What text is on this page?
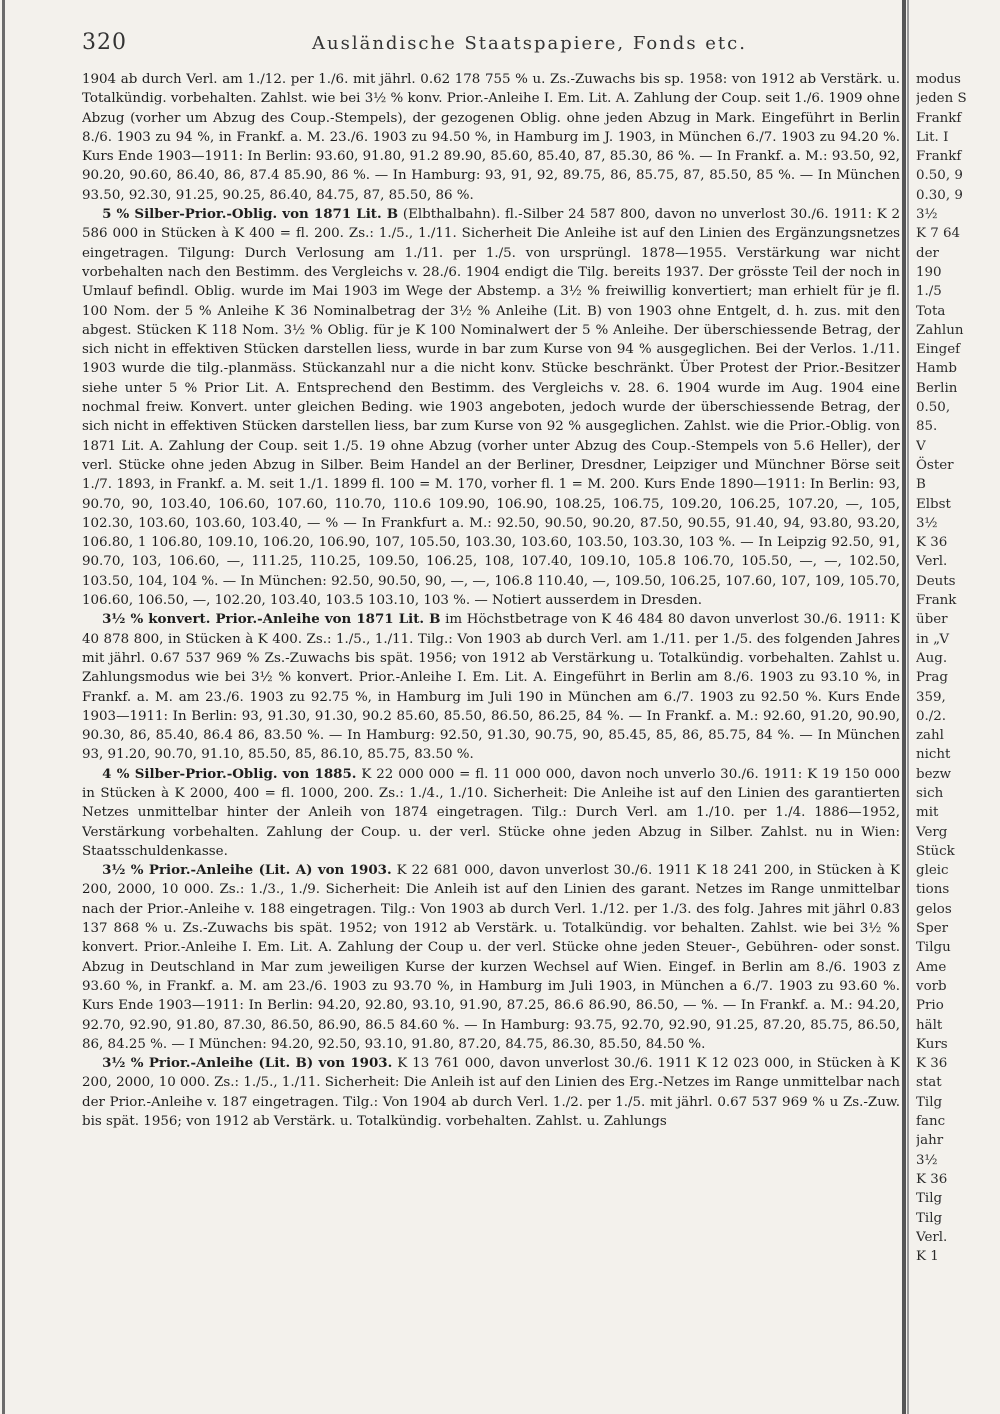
320	Ausländische Staatspapiere, Fonds etc.

1904 ab durch Verl. am 1./12. per 1./6. mit jährl. 0.62 178 755 % u. Zs.-Zuwachs bis sp. 1958: von 1912 ab Verstärk. u. Totalkündig. vorbehalten. Zahlst. wie bei 3½ % konv. Prior.-Anleihe I. Em. Lit. A. Zahlung der Coup. seit 1./6. 1909 ohne Abzug (vorher um Abzug des Coup.-Stempels), der gezogenen Oblig. ohne jeden Abzug in Mark. Eingeführt in Berlin 8./6. 1903 zu 94 %, in Frankf. a. M. 23./6. 1903 zu 94.50 %, in Hamburg im J. 1903, in München 6./7. 1903 zu 94.20 %. Kurs Ende 1903—1911: In Berlin: 93.60, 91.80, 91.2 89.90, 85.60, 85.40, 87, 85.30, 86 %. — In Frankf. a. M.: 93.50, 92, 90.20, 90.60, 86.40, 86, 87.4 85.90, 86 %. — In Hamburg: 93, 91, 92, 89.75, 86, 85.75, 87, 85.50, 85 %. — In München 93.50, 92.30, 91.25, 90.25, 86.40, 84.75, 87, 85.50, 86 %.

5 % Silber-Prior.-Oblig. von 1871 Lit. B (Elbthalbahn). fl.-Silber 24 587 800, davon no unverlost 30./6. 1911: K 2 586 000 in Stücken à K 400 = fl. 200. Zs.: 1./5., 1./11. Sicherheit Die Anleihe ist auf den Linien des Ergänzungsnetzes eingetragen. Tilgung: Durch Verlosung am 1./11. per 1./5. von ursprüngl. 1878—1955. Verstärkung war nicht vorbehalten nach den Bestimm. des Vergleichs v. 28./6. 1904 endigt die Tilg. bereits 1937. Der grösste Teil der noch in Umlauf befindl. Oblig. wurde im Mai 1903 im Wege der Abstemp. a 3½ % freiwillig konvertiert; man erhielt für je fl. 100 Nom. der 5 % Anleihe K 36 Nominalbetrag der 3½ % Anleihe (Lit. B) von 1903 ohne Entgelt, d. h. zus. mit den abgest. Stücken K 118 Nom. 3½ % Oblig. für je K 100 Nominalwert der 5 % Anleihe. Der überschiessende Betrag, der sich nicht in effektiven Stücken darstellen liess, wurde in bar zum Kurse von 94 % ausgeglichen. Bei der Verlos. 1./11. 1903 wurde die tilg.-planmäss. Stückanzahl nur a die nicht konv. Stücke beschränkt. Über Protest der Prior.-Besitzer siehe unter 5 % Prior Lit. A. Entsprechend den Bestimm. des Vergleichs v. 28. 6. 1904 wurde im Aug. 1904 eine nochmal freiw. Konvert. unter gleichen Beding. wie 1903 angeboten, jedoch wurde der überschiessende Betrag, der sich nicht in effektiven Stücken darstellen liess, bar zum Kurse von 92 % ausgeglichen. Zahlst. wie die Prior.-Oblig. von 1871 Lit. A. Zahlung der Coup. seit 1./5. 19 ohne Abzug (vorher unter Abzug des Coup.-Stempels von 5.6 Heller), der verl. Stücke ohne jeden Abzug in Silber. Beim Handel an der Berliner, Dresdner, Leipziger und Münchner Börse seit 1./7. 1893, in Frankf. a. M. seit 1./1. 1899 fl. 100 = M. 170, vorher fl. 1 = M. 200. Kurs Ende 1890—1911: In Berlin: 93, 90.70, 90, 103.40, 106.60, 107.60, 110.70, 110.6 109.90, 106.90, 108.25, 106.75, 109.20, 106.25, 107.20, —, 105, 102.30, 103.60, 103.60, 103.40, — % — In Frankfurt a. M.: 92.50, 90.50, 90.20, 87.50, 90.55, 91.40, 94, 93.80, 93.20, 106.80, 1 106.80, 109.10, 106.20, 106.90, 107, 105.50, 103.30, 103.60, 103.50, 103.30, 103 %. — In Leipzig 92.50, 91, 90.70, 103, 106.60, —, 111.25, 110.25, 109.50, 106.25, 108, 107.40, 109.10, 105.8 106.70, 105.50, —, —, 102.50, 103.50, 104, 104 %. — In München: 92.50, 90.50, 90, —, —, 106.8 110.40, —, 109.50, 106.25, 107.60, 107, 109, 105.70, 106.60, 106.50, —, 102.20, 103.40, 103.5 103.10, 103 %. — Notiert ausserdem in Dresden.

3½ % konvert. Prior.-Anleihe von 1871 Lit. B im Höchstbetrage von K 46 484 80 davon unverlost 30./6. 1911: K 40 878 800, in Stücken à K 400. Zs.: 1./5., 1./11. Tilg.: Von 1903 ab durch Verl. am 1./11. per 1./5. des folgenden Jahres mit jährl. 0.67 537 969 % Zs.-Zuwachs bis spät. 1956; von 1912 ab Verstärkung u. Totalkündig. vorbehalten. Zahlst u. Zahlungsmodus wie bei 3½ % konvert. Prior.-Anleihe I. Em. Lit. A. Eingeführt in Berlin am 8./6. 1903 zu 93.10 %, in Frankf. a. M. am 23./6. 1903 zu 92.75 %, in Hamburg im Juli 190 in München am 6./7. 1903 zu 92.50 %. Kurs Ende 1903—1911: In Berlin: 93, 91.30, 91.30, 90.2 85.60, 85.50, 86.50, 86.25, 84 %. — In Frankf. a. M.: 92.60, 91.20, 90.90, 90.30, 86, 85.40, 86.4 86, 83.50 %. — In Hamburg: 92.50, 91.30, 90.75, 90, 85.45, 85, 86, 85.75, 84 %. — In München 93, 91.20, 90.70, 91.10, 85.50, 85, 86.10, 85.75, 83.50 %.

4 % Silber-Prior.-Oblig. von 1885. K 22 000 000 = fl. 11 000 000, davon noch unverlo 30./6. 1911: K 19 150 000 in Stücken à K 2000, 400 = fl. 1000, 200. Zs.: 1./4., 1./10. Sicherheit: Die Anleihe ist auf den Linien des garantierten Netzes unmittelbar hinter der Anleih von 1874 eingetragen. Tilg.: Durch Verl. am 1./10. per 1./4. 1886—1952, Verstärkung vorbehalten. Zahlung der Coup. u. der verl. Stücke ohne jeden Abzug in Silber. Zahlst. nu in Wien: Staatsschuldenkasse.

3½ % Prior.-Anleihe (Lit. A) von 1903. K 22 681 000, davon unverlost 30./6. 1911 K 18 241 200, in Stücken à K 200, 2000, 10 000. Zs.: 1./3., 1./9. Sicherheit: Die Anleih ist auf den Linien des garant. Netzes im Range unmittelbar nach der Prior.-Anleihe v. 188 eingetragen. Tilg.: Von 1903 ab durch Verl. 1./12. per 1./3. des folg. Jahres mit jährl 0.83 137 868 % u. Zs.-Zuwachs bis spät. 1952; von 1912 ab Verstärk. u. Totalkündig. vor behalten. Zahlst. wie bei 3½ % konvert. Prior.-Anleihe I. Em. Lit. A. Zahlung der Coup u. der verl. Stücke ohne jeden Steuer-, Gebühren- oder sonst. Abzug in Deutschland in Mar zum jeweiligen Kurse der kurzen Wechsel auf Wien. Eingef. in Berlin am 8./6. 1903 z 93.60 %, in Frankf. a. M. am 23./6. 1903 zu 93.70 %, in Hamburg im Juli 1903, in München a 6./7. 1903 zu 93.60 %. Kurs Ende 1903—1911: In Berlin: 94.20, 92.80, 93.10, 91.90, 87.25, 86.6 86.90, 86.50, — %. — In Frankf. a. M.: 94.20, 92.70, 92.90, 91.80, 87.30, 86.50, 86.90, 86.5 84.60 %. — In Hamburg: 93.75, 92.70, 92.90, 91.25, 87.20, 85.75, 86.50, 86, 84.25 %. — I München: 94.20, 92.50, 93.10, 91.80, 87.20, 84.75, 86.30, 85.50, 84.50 %.

3½ % Prior.-Anleihe (Lit. B) von 1903. K 13 761 000, davon unverlost 30./6. 1911 K 12 023 000, in Stücken à K 200, 2000, 10 000. Zs.: 1./5., 1./11. Sicherheit: Die Anleih ist auf den Linien des Erg.-Netzes im Range unmittelbar nach der Prior.-Anleihe v. 187 eingetragen. Tilg.: Von 1904 ab durch Verl. 1./2. per 1./5. mit jährl. 0.67 537 969 % u Zs.-Zuw. bis spät. 1956; von 1912 ab Verstärk. u. Totalkündig. vorbehalten. Zahlst. u. Zahlungs

modus
jeden S
Frankf
Lit. I
Frankf
0.50, 9
0.30, 9
3½
K 7 64
der
190
1./5
Tota
Zahlun
Eingef
Hamb
Berlin
0.50,
85.
V
Öster
B
Elbst
3½
K 36
Verl.
Deuts
Frank
über
in „V
Aug.
Prag
359,
0./2.
zahl
nicht
bezw
sich
mit
Verg
Stück
gleic
tions
gelos
Sper
Tilgu
Ame
vorb
Prio
hält
Kurs
K 36
stat
Tilg
fanc
jahr
3½
K 36
Tilg
Tilg
Verl.
K 1
